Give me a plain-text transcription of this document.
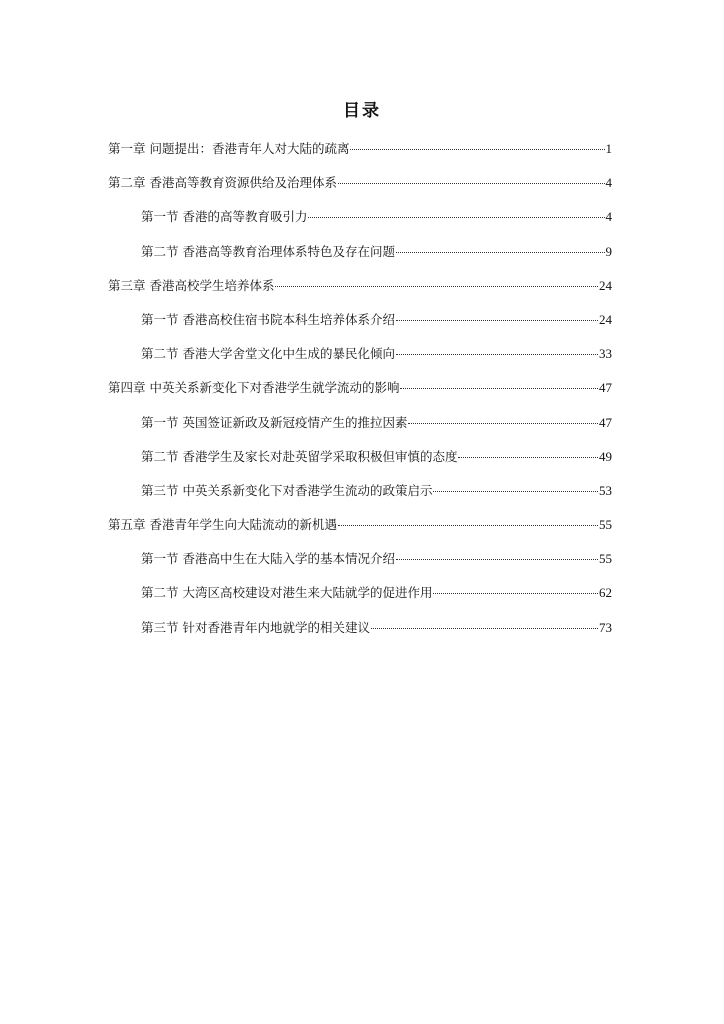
目录
第一章 问题提出：香港青年人对大陆的疏离	1
第二章 香港高等教育资源供给及治理体系	4
第一节 香港的高等教育吸引力	4
第二节 香港高等教育治理体系特色及存在问题	9
第三章 香港高校学生培养体系	24
第一节 香港高校住宿书院本科生培养体系介绍	24
第二节 香港大学舍堂文化中生成的暴民化倾向	33
第四章 中英关系新变化下对香港学生就学流动的影响	47
第一节 英国签证新政及新冠疫情产生的推拉因素	47
第二节 香港学生及家长对赴英留学采取积极但审慎的态度	49
第三节 中英关系新变化下对香港学生流动的政策启示	53
第五章 香港青年学生向大陆流动的新机遇	55
第一节 香港高中生在大陆入学的基本情况介绍	55
第二节 大湾区高校建设对港生来大陆就学的促进作用	62
第三节 针对香港青年内地就学的相关建议	73
